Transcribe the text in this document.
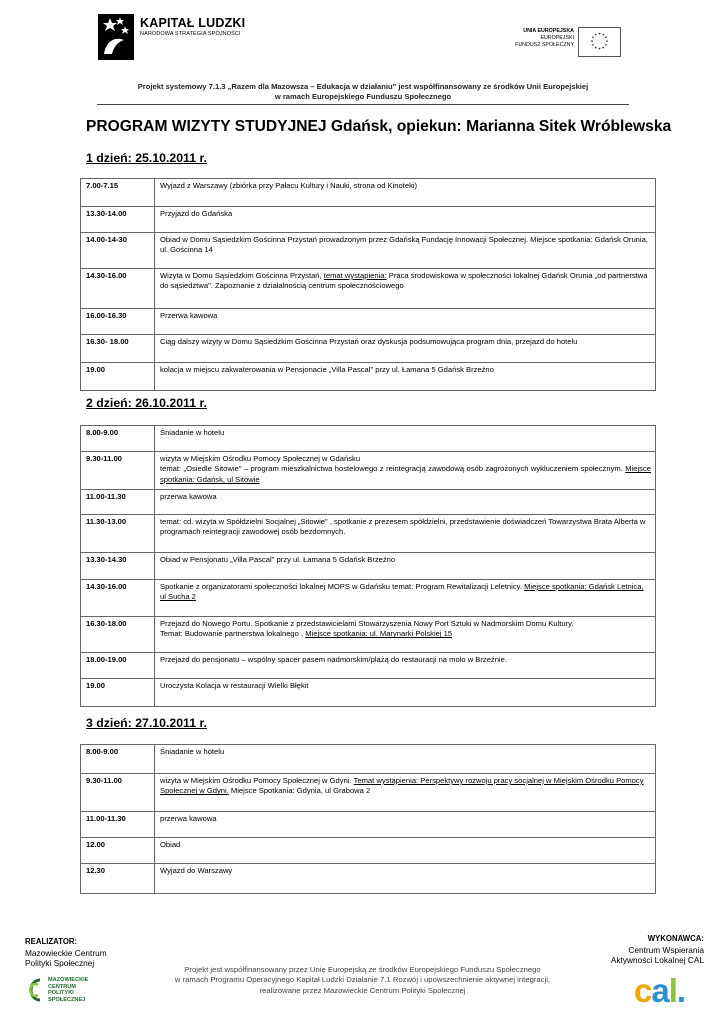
KAPITAŁ LUDZKI
NARODOWA STRATEGIA SPÓJNOŚCI	UNIA EUROPEJSKA
EUROPEJSKI
FUNDUSZ SPOŁECZNY
Projekt systemowy 7.1.3 „Razem dla Mazowsza – Edukacja w działaniu" jest współfinansowany ze środków Unii Europejskiej
w ramach Europejskiego Funduszu Społecznego
PROGRAM WIZYTY STUDYJNEJ Gdańsk, opiekun: Marianna Sitek Wróblewska
1 dzień: 25.10.2011 r.
7.00-7.15	Wyjazd z Warszawy (zbiórka przy Pałacu Kultury i Nauki, strona od Kinoteki)
13.30-14.00	Przyjazd do Gdańska
14.00-14-30	Obiad w Domu Sąsiedzkim Gościnna Przystań prowadzonym przez Gdańską Fundację Innowacji Społecznej. Miejsce spotkania: Gdańsk Orunia, ul. Gościnna 14
14.30-16.00	Wizyta w Domu Sąsiedzkim Gościnna Przystań, temat wystąpienia: Praca środowiskowa w społeczności lokalnej Gdańsk Orunia „od partnerstwa do sąsiedztwa". Zapoznanie z działalnością centrum społecznościowego
16.00-16.30	Przerwa kawowa
16.30- 18.00	Ciąg dalszy wizyty w Domu Sąsiedzkim Gościnna Przystań oraz dyskusja podsumowująca program dnia, przejazd do hotelu
19.00	kolacja w miejscu zakwaterowania w Pensjonacie „Villa Pascal" przy ul. Łamana 5 Gdańsk Brzeźno
2 dzień: 26.10.2011 r.
8.00-9.00	Śniadanie w hotelu
9.30-11.00	wizyta w Miejskim Ośrodku Pomocy Społecznej w Gdańsku
temat: „Osiedle Sitowie" – program mieszkalnictwa hostelowego z reintegracją zawodową osób zagrożonych wykluczeniem społecznym. Miejsce spotkania: Gdańsk, ul Sitowie

11.00-11.30	przerwa kawowa
11.30-13.00	temat: cd. wizyta w Spółdzielni Socjalnej „Sitowie" , spotkanie z prezesem spółdzielni, przedstawienie doświadczeń Towarzystwa Brata Alberta w programach reintegracji zawodowej osób bezdomnych.
13.30-14.30	Obiad w Pensjonatu „Villa Pascal" przy ul. Łamana 5 Gdańsk Brzeźno
14.30-16.00	Spotkanie z organizatorami społeczności lokalnej MOPS w Gdańsku temat: Program Rewitalizacji Leletnicy. Miejsce spotkania: Gdańsk Letnica, ul Sucha 2
16.30-18.00	Przejazd do Nowego Portu. Spotkanie z przedstawicielami Stowarzyszenia Nowy Port Sztuki w Nadmorskim Domu Kultury.
Temat: Budowanie partnerstwa lokalnego , Miejsce spotkania: ul. Marynarki Polskiej 15

18.00-19.00	Przejazd do pensjonatu – wspólny spacer pasem nadmorskim/plażą do restauracji na molo w Brzeźnie.
19.00	Uroczysta Kolacja w restauracji Wielki Błękit
3 dzień: 27.10.2011 r.
8.00-9.00	Śniadanie w hotelu
9.30-11.00	wizyta w Miejskim Ośrodku Pomocy Społecznej w Gdyni. Temat wystąpienia: Perspektywy rozwoju pracy socjalnej w Miejskim Ośrodku Pomocy Społecznej w Gdyni. Miejsce Spotkania: Gdynia, ul Grabowa 2
11.00-11.30	przerwa kawowa
12.00	Obiad
12.30	Wyjazd do Warszawy
REALIZATOR:
Mazowieckie Centrum
Polityki Społecznej
MAZOWIECKIE
CENTRUM
POLITYKI
SPOŁECZNEJ
Projekt jest współfinansowany przez Unię Europejską ze środków Europejskiego Funduszu Społecznego
w ramach Programu Operacyjnego Kapitał Ludzki Działanie 7.1 Rozwój i upowszechnienie aktywnej integracji,
realizowane przez Mazowieckie Centrum Polityki Społecznej
WYKONAWCA:
Centrum Wspierania
Aktywności Lokalnej CAL
cal.
